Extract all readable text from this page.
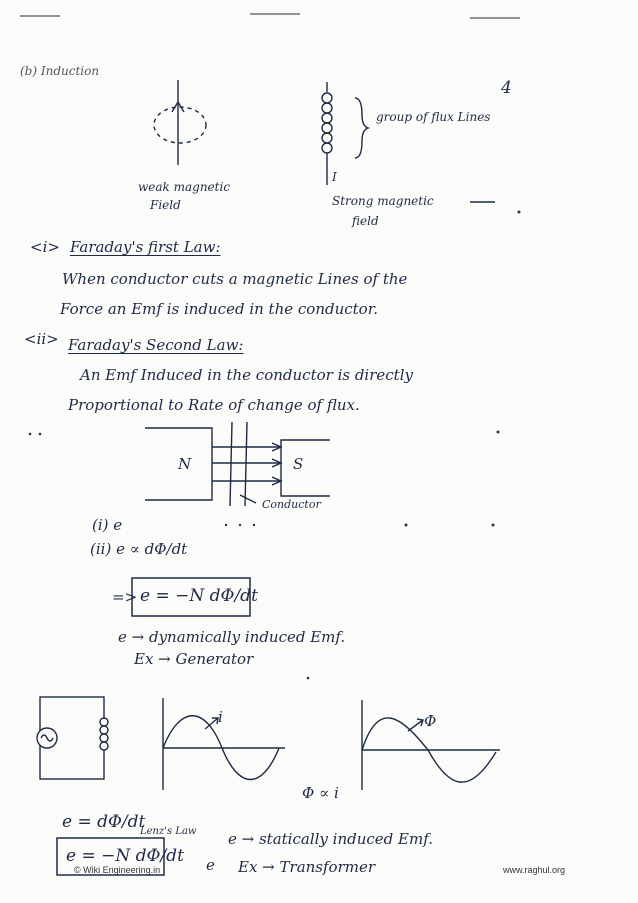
(b) Induction
4
weak magnetic
Field
group of flux Lines
I
Strong magnetic
field
<i> Faraday's first Law:
When conductor cuts a magnetic Lines of the
Force an Emf is induced in the conductor.
<ii> Faraday's Second Law:
An Emf Induced in the conductor is directly
Proportional to Rate of change of flux.
N	S
Conductor
(i) e
(ii) e ∝ dΦ/dt
=> e = −N dΦ/dt
e → dynamically induced Emf.
Ex → Generator
i	Φ
Φ ∝ i
e = dΦ/dt
Lenz's Law e → statically induced Emf.
e = −N dΦ/dt e Ex → Transformer
© Wiki Engineering.in	www.raghul.org
